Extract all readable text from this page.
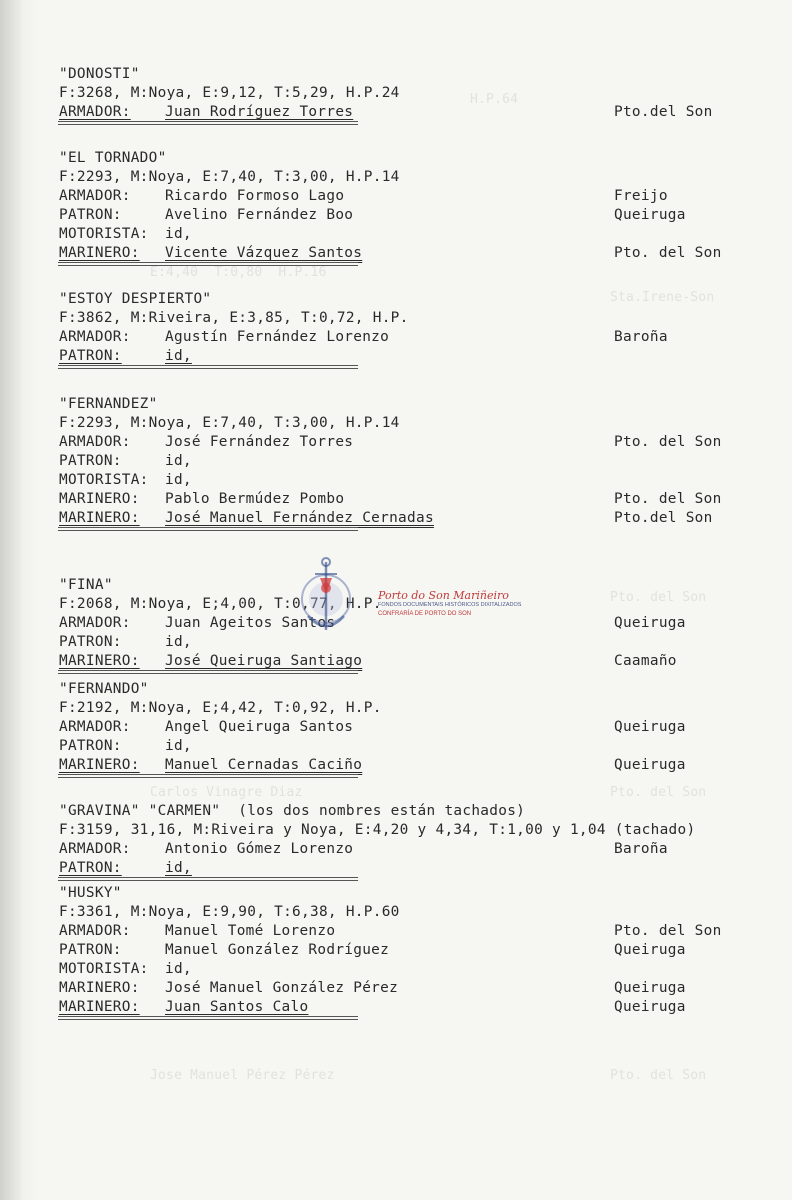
H.P.64
E:4,40  T:0,80  H.P.16
Sta.Irene-Son
Pto. del Son
Carlos Vinagre Diaz	Pto. del Son
Jose Manuel Pérez Pérez	Pto. del Son
"DONOSTI"
F:3268, M:Noya, E:9,12, T:5,29, H.P.24
ARMADOR: Juan Rodríguez Torres	Pto.del Son
"EL TORNADO"
F:2293, M:Noya, E:7,40, T:3,00, H.P.14
ARMADOR: Ricardo Formoso Lago	Freijo
PATRON:	Avelino Fernández Boo	Queiruga
MOTORISTA: id,
MARINERO: Vicente Vázquez Santos	Pto. del Son
"ESTOY DESPIERTO"
F:3862, M:Riveira, E:3,85, T:0,72, H.P.
ARMADOR: Agustín Fernández Lorenzo	Baroña
PATRON:	id,
"FERNANDEZ"
F:2293, M:Noya, E:7,40, T:3,00, H.P.14
ARMADOR: José Fernández Torres	Pto. del Son
PATRON:	id,
MOTORISTA: id,
MARINERO: Pablo Bermúdez Pombo	Pto. del Son
MARINERO: José Manuel Fernández Cernadas	Pto.del Son
"FINA"
F:2068, M:Noya, E;4,00, T:0,77, H.P.
ARMADOR: Juan Ageitos Santos	Queiruga
PATRON:	id,
MARINERO: José Queiruga Santiago	Caamaño
"FERNANDO"
F:2192, M:Noya, E;4,42, T:0,92, H.P.
ARMADOR: Angel Queiruga Santos	Queiruga
PATRON:	id,
MARINERO: Manuel Cernadas Caciño	Queiruga
"GRAVINA" "CARMEN"  (los dos nombres están tachados)
F:3159, 31,16, M:Riveira y Noya, E:4,20 y 4,34, T:1,00 y 1,04 (tachado)
ARMADOR: Antonio Gómez Lorenzo	Baroña
PATRON:	id,
"HUSKY"
F:3361, M:Noya, E:9,90, T:6,38, H.P.60
ARMADOR: Manuel Tomé Lorenzo	Pto. del Son
PATRON:	Manuel González Rodríguez	Queiruga
MOTORISTA: id,
MARINERO: José Manuel González Pérez	Queiruga
MARINERO: Juan Santos Calo	Queiruga
Porto do Son Mariñeiro
FONDOS DOCUMENTAIS HISTÓRICOS DIXITALIZADOS
CONFRARÍA DE PORTO DO SON
